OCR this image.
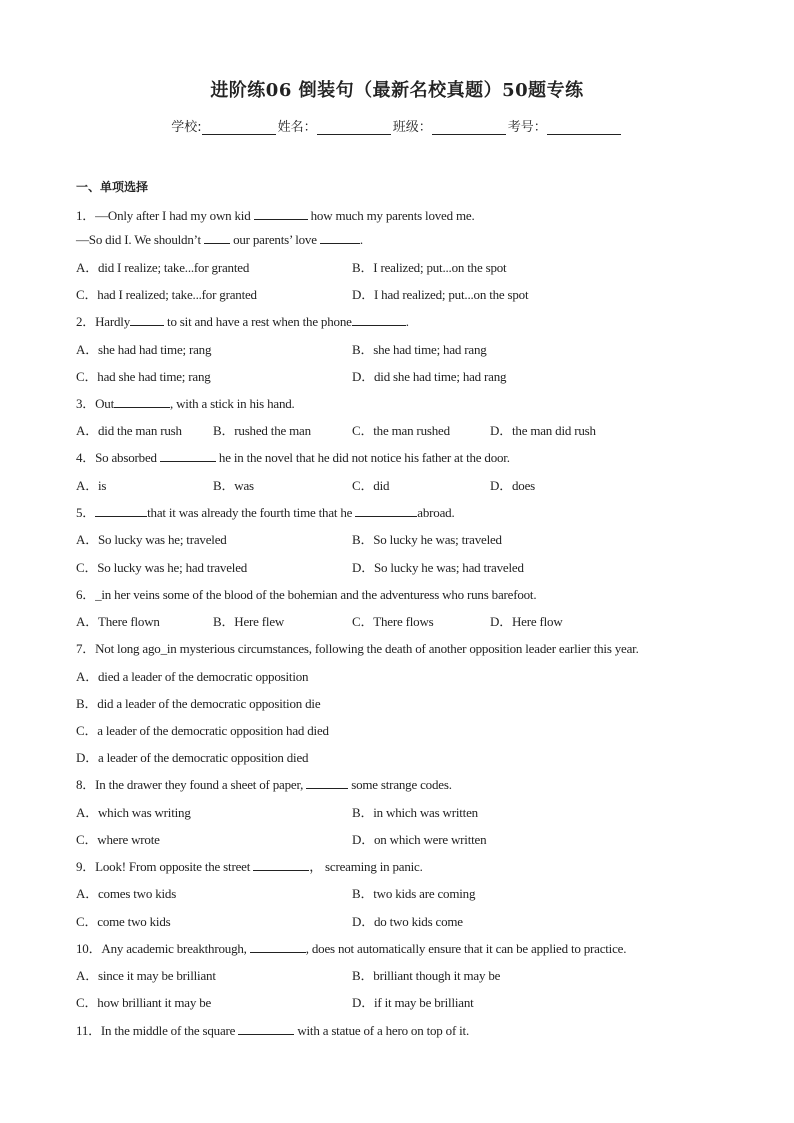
进阶练06 倒装句（最新名校真题）50题专练
学校:	姓名：	班级：	考号：
一、单项选择
1．—Only after I had my own kid	how much my parents loved me.
—So did I. We shouldn’t  our parents’ love	.
A．did I realize; take...for granted	B．I realized; put...on the spot
C．had I realized; take...for granted	D．I had realized; put...on the spot
2．Hardly	to sit and have a rest when the phone	.
A．she had had time; rang	B．she had time; had rang
C．had she had time; rang	D．did she had time; had rang
3．Out	, with a stick in his hand.
A．did the man rush B．rushed the man	C．the man rushed	D．the man did rush
4．So absorbed	he in the novel that he did not notice his father at the door.
A．is	B．was	C．did	D．does
5．	that it was already the fourth time that he	abroad.
A．So lucky was he; traveled	B．So lucky he was; traveled
C．So lucky was he; had traveled	D．So lucky he was; had traveled
6．_in her veins some of the blood of the bohemian and the adventuress who runs barefoot.
A．There flown	B．Here flew	C．There flows	D．Here flow
7．Not long ago_in mysterious circumstances, following the death of another opposition leader earlier this year.
A．died a leader of the democratic opposition
B．did a leader of the democratic opposition die
C．a leader of the democratic opposition had died
D．a leader of the democratic opposition died
8．In the drawer they found a sheet of paper,	some strange codes.
A．which was writing	B．in which was written
C．where wrote	D．on which were written
9．Look! From opposite the street	， screaming in panic.
A．comes two kids	B．two kids are coming
C．come two kids	D．do two kids come
10．Any academic breakthrough,	, does not automatically ensure that it can be applied to practice.
A．since it may be brilliant	B．brilliant though it may be
C．how brilliant it may be	D．if it may be brilliant
11．In the middle of the square	with a statue of a hero on top of it.
